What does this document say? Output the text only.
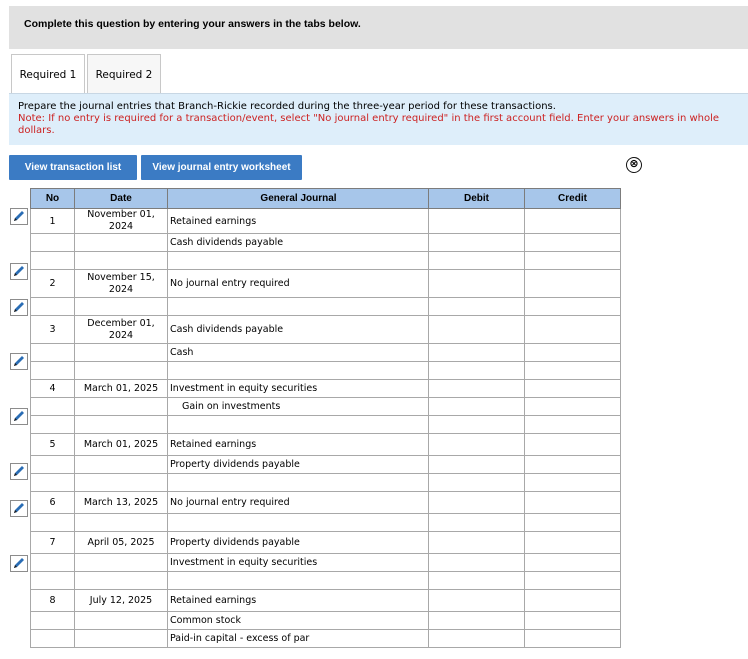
Complete this question by entering your answers in the tabs below.
Required 1	Required 2
Prepare the journal entries that Branch-Rickie recorded during the three-year period for these transactions.
Note: If no entry is required for a transaction/event, select "No journal entry required" in the first account field. Enter your answers in whole dollars.
View transaction list	View journal entry worksheet	⊗
No	Date	General Journal	Debit	Credit
1	November 01, 2024	Retained earnings		
		Cash dividends payable		

2	November 15, 2024	No journal entry required		

3	December 01, 2024	Cash dividends payable		
		Cash		

4	March 01, 2025	Investment in equity securities		
		Gain on investments		

5	March 01, 2025	Retained earnings		
		Property dividends payable		

6	March 13, 2025	No journal entry required		

7	April 05, 2025	Property dividends payable		
		Investment in equity securities		

8	July 12, 2025	Retained earnings		
		Common stock		
		Paid-in capital - excess of par		
